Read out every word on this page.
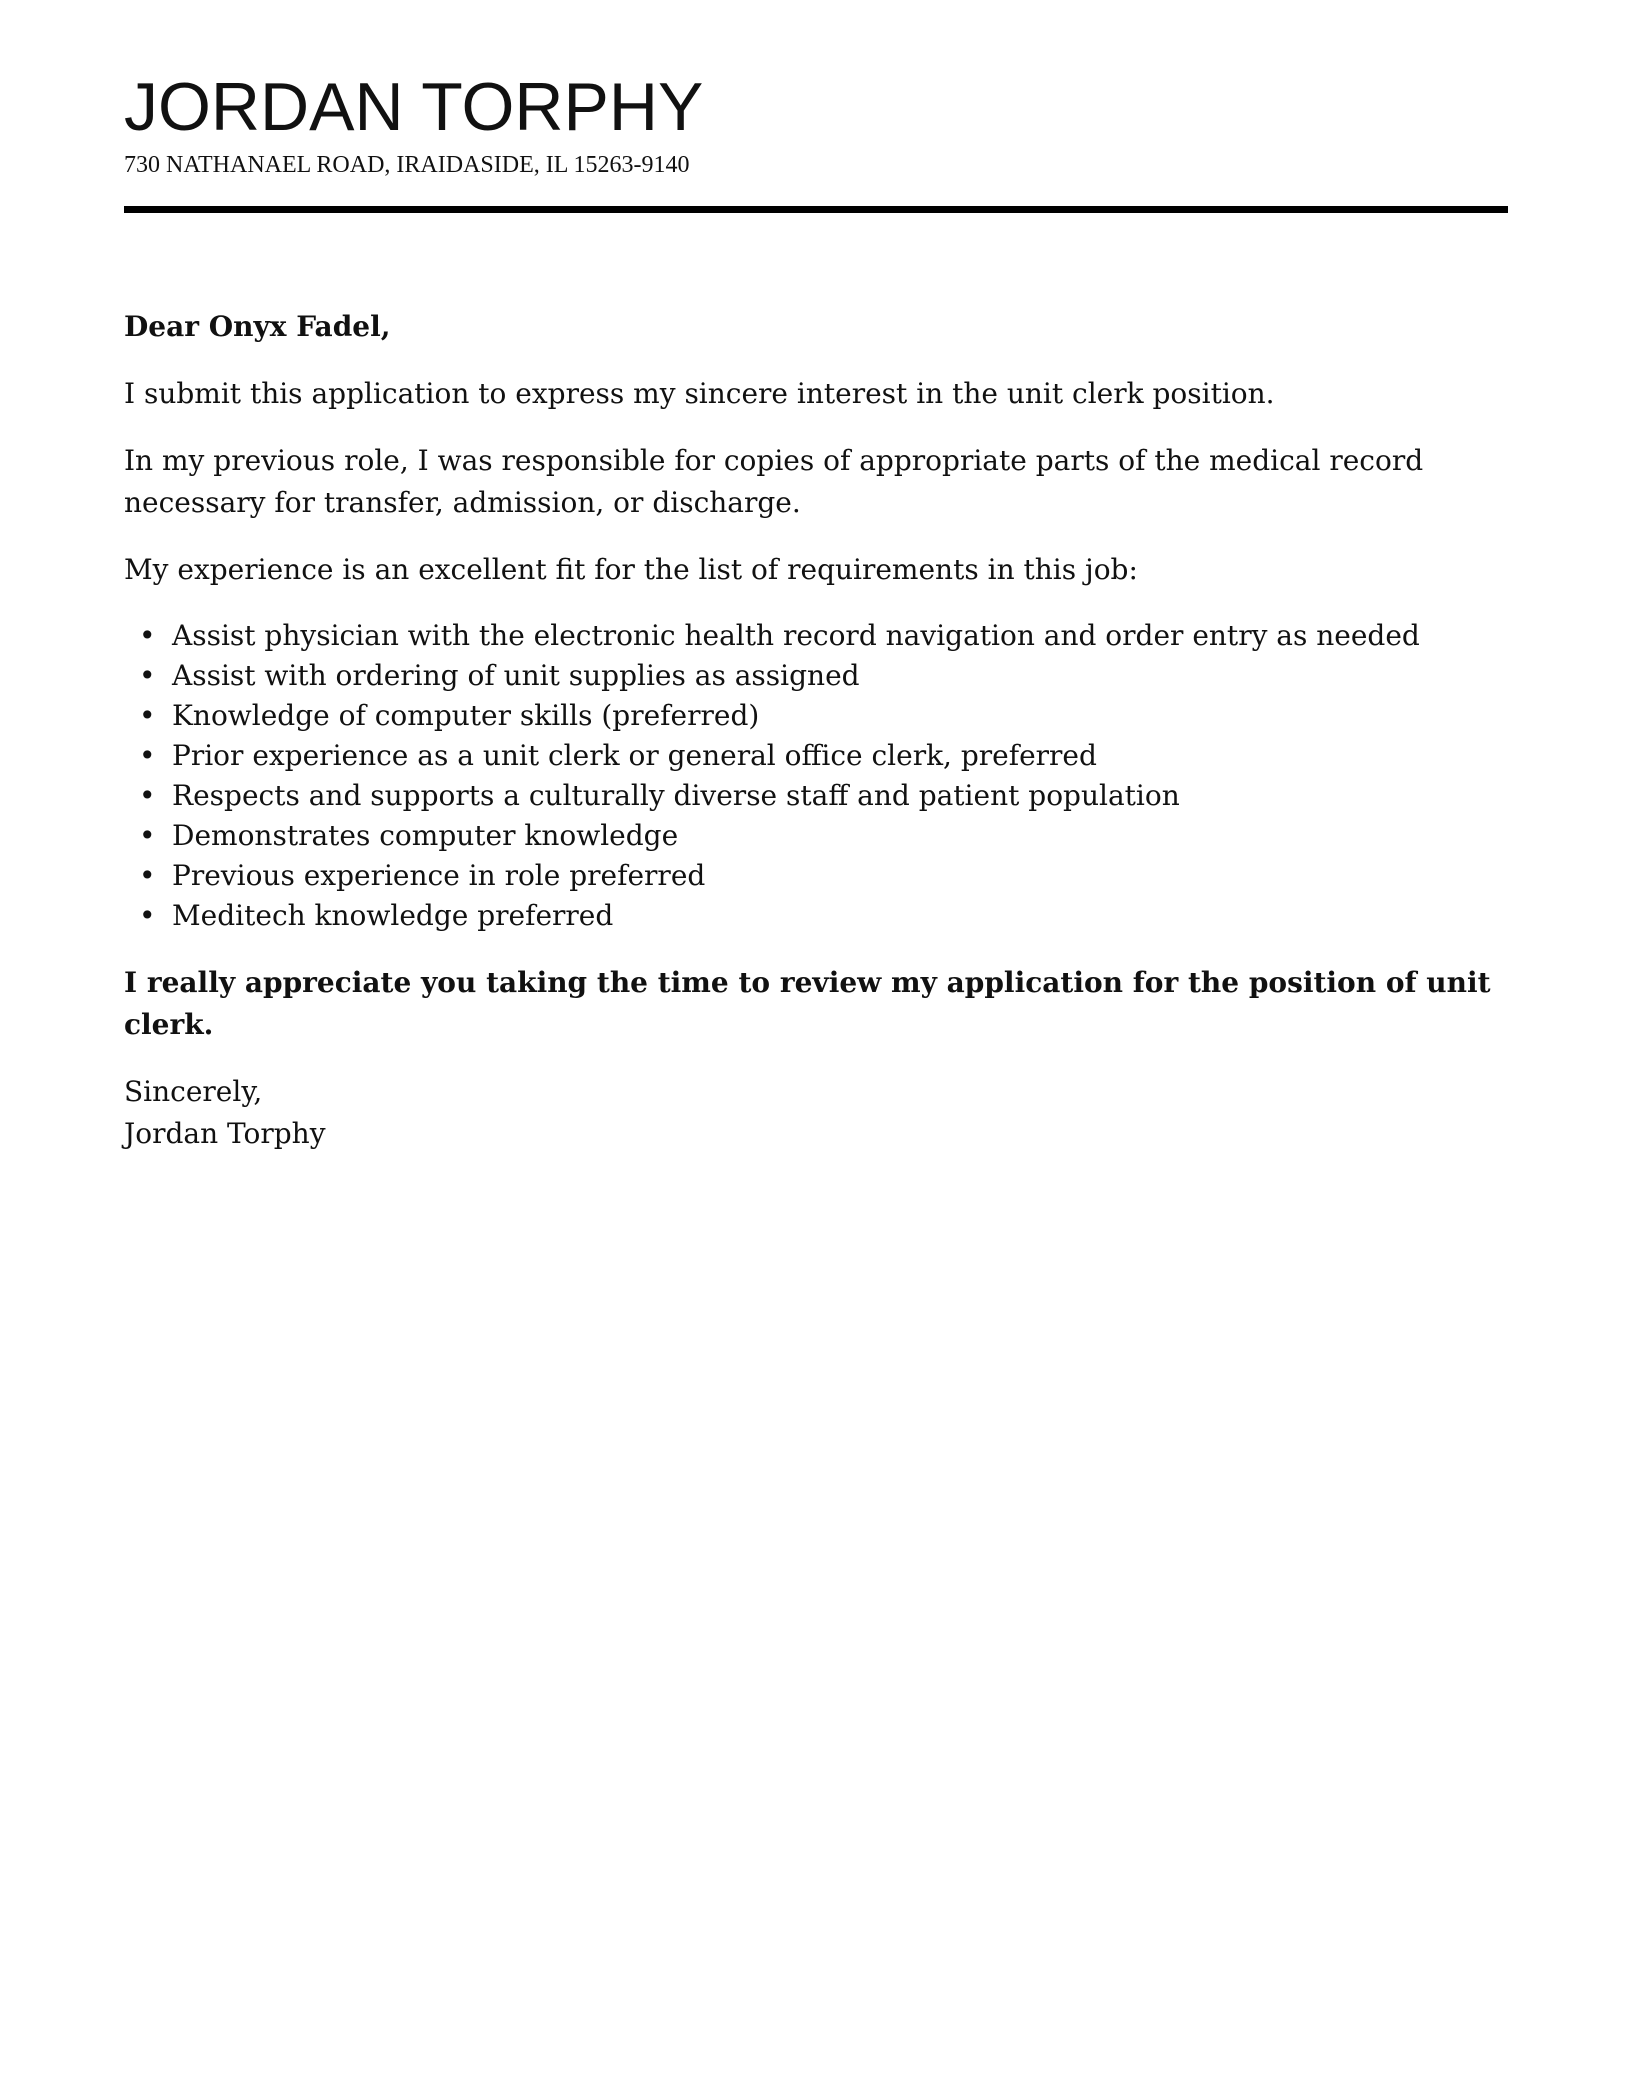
JORDAN TORPHY
730 NATHANAEL ROAD, IRAIDASIDE, IL 15263-9140

Dear Onyx Fadel,

I submit this application to express my sincere interest in the unit clerk position.

In my previous role, I was responsible for copies of appropriate parts of the medical record necessary for transfer, admission, or discharge.

My experience is an excellent fit for the list of requirements in this job:

• Assist physician with the electronic health record navigation and order entry as needed
• Assist with ordering of unit supplies as assigned
• Knowledge of computer skills (preferred)
• Prior experience as a unit clerk or general office clerk, preferred
• Respects and supports a culturally diverse staff and patient population
• Demonstrates computer knowledge
• Previous experience in role preferred
• Meditech knowledge preferred

I really appreciate you taking the time to review my application for the position of unit clerk.

Sincerely,
Jordan Torphy
